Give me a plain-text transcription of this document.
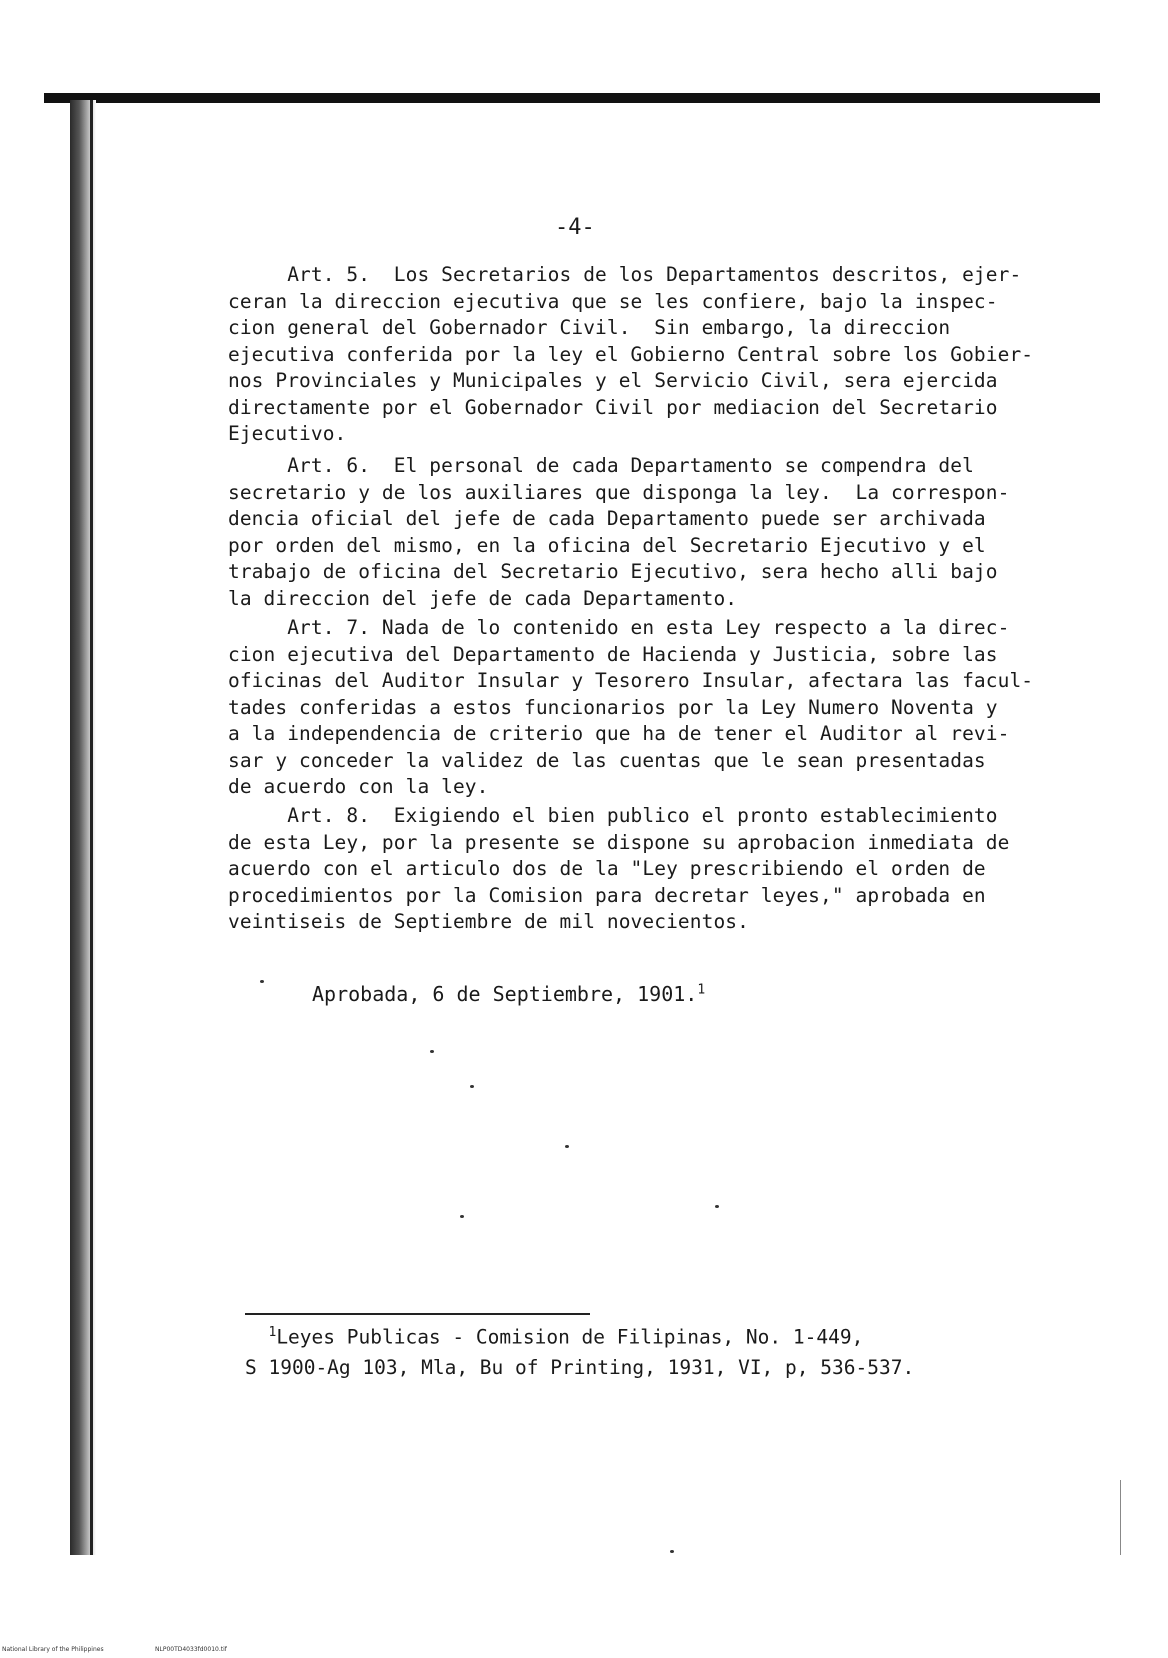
-4-
Art. 5.  Los Secretarios de los Departamentos descritos, ejer-
ceran la direccion ejecutiva que se les confiere, bajo la inspec-
cion general del Gobernador Civil.  Sin embargo, la direccion
ejecutiva conferida por la ley el Gobierno Central sobre los Gobier-
nos Provinciales y Municipales y el Servicio Civil, sera ejercida
directamente por el Gobernador Civil por mediacion del Secretario
Ejecutivo.
Art. 6.  El personal de cada Departamento se compendra del
secretario y de los auxiliares que disponga la ley.  La correspon-
dencia oficial del jefe de cada Departamento puede ser archivada
por orden del mismo, en la oficina del Secretario Ejecutivo y el
trabajo de oficina del Secretario Ejecutivo, sera hecho alli bajo
la direccion del jefe de cada Departamento.
Art. 7. Nada de lo contenido en esta Ley respecto a la direc-
cion ejecutiva del Departamento de Hacienda y Justicia, sobre las
oficinas del Auditor Insular y Tesorero Insular, afectara las facul-
tades conferidas a estos funcionarios por la Ley Numero Noventa y
a la independencia de criterio que ha de tener el Auditor al revi-
sar y conceder la validez de las cuentas que le sean presentadas
de acuerdo con la ley.
Art. 8.  Exigiendo el bien publico el pronto establecimiento
de esta Ley, por la presente se dispone su aprobacion inmediata de
acuerdo con el articulo dos de la "Ley prescribiendo el orden de
procedimientos por la Comision para decretar leyes," aprobada en
veintiseis de Septiembre de mil novecientos.
Aprobada, 6 de Septiembre, 1901.$^1$
$^1$Leyes Publicas - Comision de Filipinas, No. 1-449,
S 1900-Ag 103, Mla, Bu of Printing, 1931, VI, p, 536-537.
National Library of the Philippines	NLP00TD4033fd0010.tif
